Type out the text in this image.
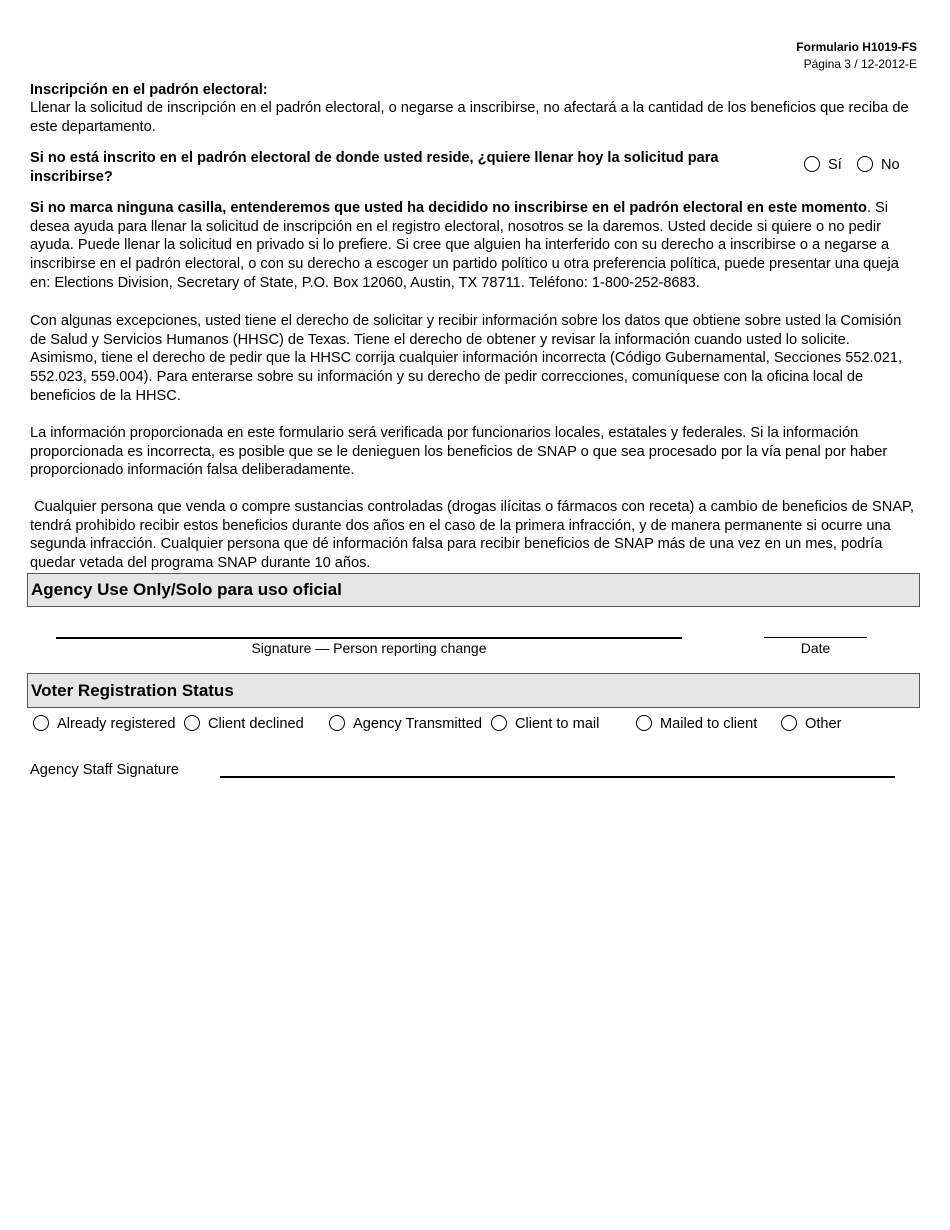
Formulario H1019-FS
Página 3 / 12-2012-E
Inscripción en el padrón electoral:
Llenar la solicitud de inscripción en el padrón electoral, o negarse a inscribirse, no afectará a la cantidad de los beneficios que reciba de este departamento.
Si no está inscrito en el padrón electoral de donde usted reside, ¿quiere llenar hoy la solicitud para inscribirse?
Sí	No
Si no marca ninguna casilla, entenderemos que usted ha decidido no inscribirse en el padrón electoral en este momento. Si desea ayuda para llenar la solicitud de inscripción en el registro electoral, nosotros se la daremos. Usted decide si quiere o no pedir ayuda. Puede llenar la solicitud en privado si lo prefiere. Si cree que alguien ha interferido con su derecho a inscribirse o a negarse a inscribirse en el padrón electoral, o con su derecho a escoger un partido político u otra preferencia política, puede presentar una queja en: Elections Division, Secretary of State, P.O. Box 12060, Austin, TX 78711. Teléfono: 1-800-252-8683.
Con algunas excepciones, usted tiene el derecho de solicitar y recibir información sobre los datos que obtiene sobre usted la Comisión de Salud y Servicios Humanos (HHSC) de Texas. Tiene el derecho de obtener y revisar la información cuando usted lo solicite. Asimismo, tiene el derecho de pedir que la HHSC corrija cualquier información incorrecta (Código Gubernamental, Secciones 552.021, 552.023, 559.004). Para enterarse sobre su información y su derecho de pedir correcciones, comuníquese con la oficina local de beneficios de la HHSC.
La información proporcionada en este formulario será verificada por funcionarios locales, estatales y federales. Si la información proporcionada es incorrecta, es posible que se le denieguen los beneficios de SNAP o que sea procesado por la vía penal por haber proporcionado información falsa deliberadamente.
Cualquier persona que venda o compre sustancias controladas (drogas ilícitas o fármacos con receta) a cambio de beneficios de SNAP, tendrá prohibido recibir estos beneficios durante dos años en el caso de la primera infracción, y de manera permanente si ocurre una  segunda infracción. Cualquier persona que dé información falsa para recibir beneficios de SNAP más de una vez en un mes, podría quedar vetada del programa SNAP durante 10 años.
Agency Use Only/Solo para uso oficial
Signature — Person reporting change	Date
Voter Registration Status
Already registered	Client declined	Agency Transmitted	Client to mail	Mailed to client	Other
Agency Staff Signature
